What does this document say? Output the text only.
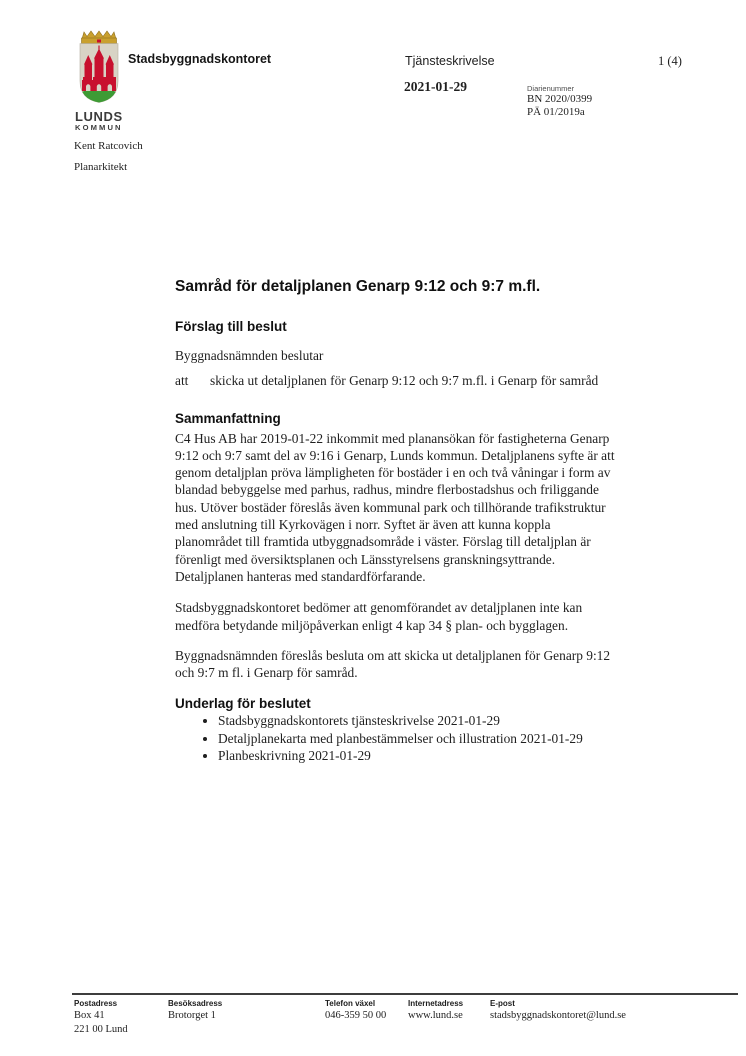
LUNDS
KOMMUN
Stadsbyggnadskontoret	Tjänsteskrivelse	1 (4)
2021-01-29	Diarienummer
BN 2020/0399
PÄ 01/2019a
Kent Ratcovich
Planarkitekt
Samråd för detaljplanen Genarp 9:12 och 9:7 m.fl.
Förslag till beslut

Byggnadsnämnden beslutar

att	skicka ut detaljplanen för Genarp 9:12 och 9:7 m.fl. i Genarp för samråd
Sammanfattning

C4 Hus AB har 2019-01-22 inkommit med planansökan för fastigheterna Genarp 9:12 och 9:7 samt del av 9:16 i Genarp, Lunds kommun. Detaljplanens syfte är att genom detaljplan pröva lämpligheten för bostäder i en och två våningar i form av blandad bebyggelse med parhus, radhus, mindre flerbostadshus och friliggande hus. Utöver bostäder föreslås även kommunal park och tillhörande trafikstruktur med anslutning till Kyrkovägen i norr. Syftet är även att kunna koppla planområdet till framtida utbyggnadsområde i väster. Förslag till detaljplan är förenligt med översiktsplanen och Länsstyrelsens granskningsyttrande. Detaljplanen hanteras med standardförfarande.

Stadsbyggnadskontoret bedömer att genomförandet av detaljplanen inte kan medföra betydande miljöpåverkan enligt 4 kap 34 § plan- och bygglagen.

Byggnadsnämnden föreslås besluta om att skicka ut detaljplanen för Genarp 9:12 och 9:7 m fl. i Genarp för samråd.

Underlag för beslutet
• Stadsbyggnadskontorets tjänsteskrivelse 2021-01-29
• Detaljplanekarta med planbestämmelser och illustration 2021-01-29
• Planbeskrivning 2021-01-29
Postadress
Box 41
221 00 Lund
Besöksadress
Brotorget 1
Telefon växel
046-359 50 00
Internetadress
www.lund.se
E-post
stadsbyggnadskontoret@lund.se
